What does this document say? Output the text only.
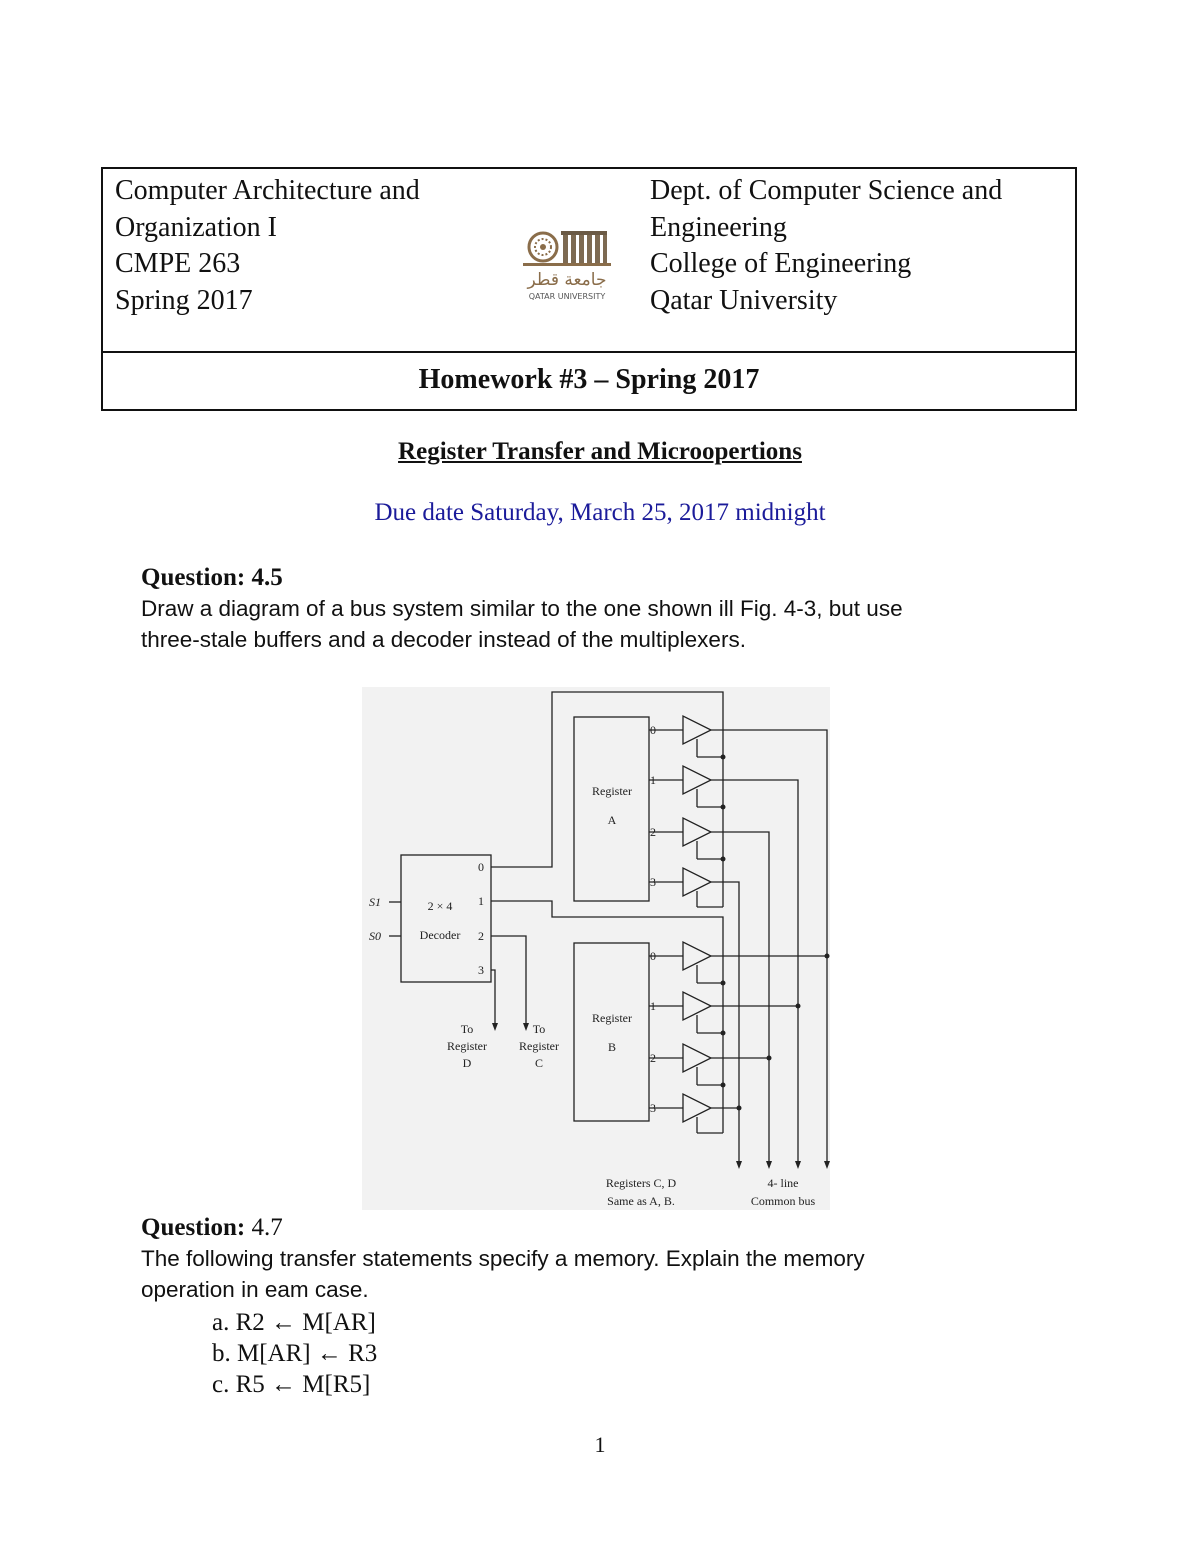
Computer Architecture and
Organization I
CMPE 263
Spring 2017
جامعة قطر
QATAR UNIVERSITY
Dept. of Computer Science and
Engineering
College of Engineering
Qatar University
Homework #3 – Spring 2017
Register Transfer and Microopertions
Due date Saturday, March 25, 2017 midnight
Question: 4.5
Draw a diagram of a bus system similar to the one shown ill Fig. 4-3, but use
three-stale buffers and a decoder instead of the multiplexers.
2 × 4
Decoder
0
1
2
3
S1
S0
Register
A
Register
B
0
1
2
3
0
1
2
3
To
Register
D
To
Register
C
Registers C, D
Same as A, B.
4- line
Common bus
Question: 4.7
The following transfer statements specify a memory. Explain the memory
operation in eam case.
a. R2 ← M[AR]
b. M[AR] ← R3
c. R5 ← M[R5]
1
